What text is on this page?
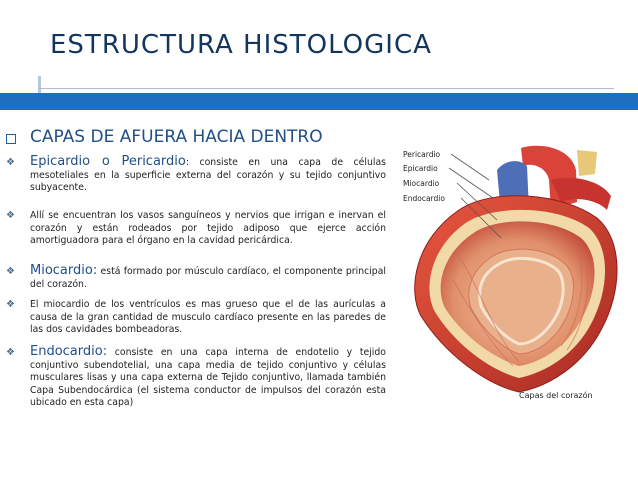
ESTRUCTURA HISTOLOGICA
CAPAS DE AFUERA HACIA DENTRO
❖ Epicardio o Pericardio: consiste en una capa de células mesoteliales en la superficie externa del corazón y su tejido conjuntivo subyacente.
❖ Allí se encuentran los vasos sanguíneos y nervios que irrigan e inervan el corazón y están rodeados por tejido adiposo que ejerce acción amortiguadora para el órgano en la cavidad pericárdica.
❖ Miocardio: está formado por músculo cardíaco, el componente principal del corazón.
❖ El miocardio de los ventrículos es mas grueso que el de las aurículas a causa de la gran cantidad de musculo cardíaco presente en las paredes de las dos cavidades bombeadoras.
❖ Endocardio: consiste en una capa interna de endotelio y tejido conjuntivo subendotelial, una capa media de tejido conjuntivo y células musculares lisas y una capa externa de Tejido conjuntivo, llamada también Capa Subendocárdica (el sistema conductor de impulsos del corazón esta ubicado en esta capa)
Pericardio
Epicardio
Miocardio
Endocardio
Capas del corazón
